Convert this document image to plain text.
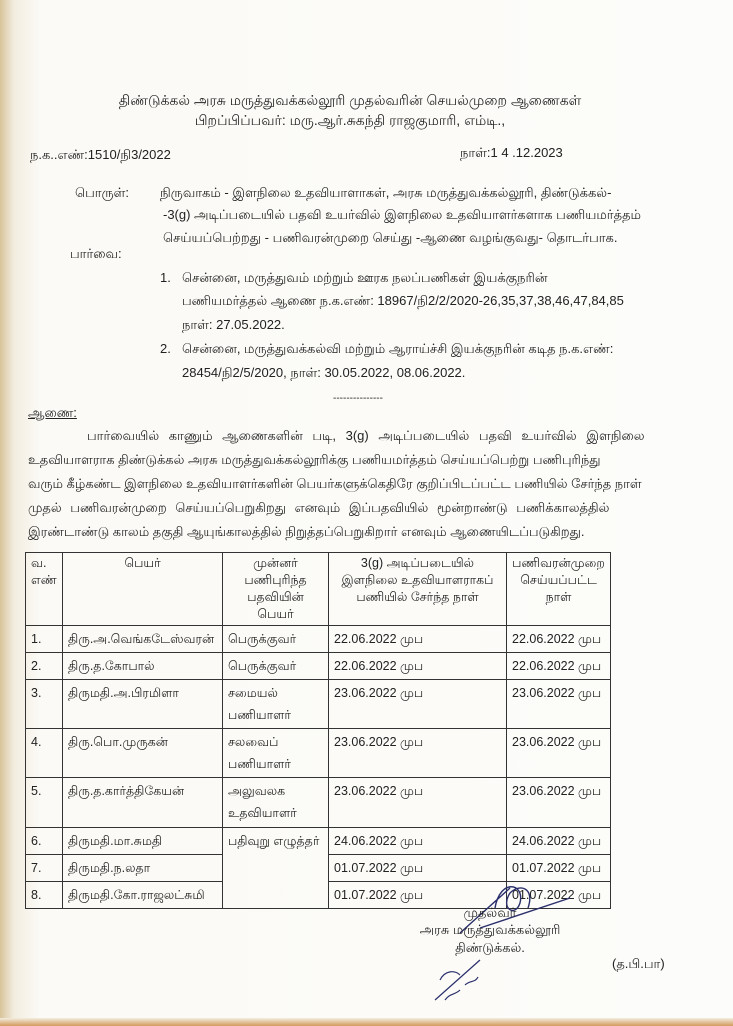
திண்டுக்கல் அரசு மருத்துவக்கல்லூரி முதல்வரின் செயல்முறை ஆணைகள்
பிறப்பிப்பவர்: மரு.ஆர்.சுகந்தி ராஜகுமாரி, எம்டி.,
ந.க..எண்:1510/நி3/2022	நாள்:1 4 .12.2023
பொருள்: நிருவாகம் - இளநிலை உதவியாளாகள், அரசு மருத்துவக்கல்லூரி, திண்டுக்கல்-
-3(g) அடிப்படையில் பதவி உயர்வில் இளநிலை உதவியாளர்களாக பணியமர்த்தம்
செய்யப்பெற்றது - பணிவரன்முறை செய்து -ஆணை வழங்குவது- தொடர்பாக.
பார்வை:
1. சென்னை, மருத்துவம் மற்றும் ஊரக நலப்பணிகள் இயக்குநரின்
பணியமர்த்தல் ஆணை ந.க.எண்: 18967/நி2/2/2020-26,35,37,38,46,47,84,85
நாள்: 27.05.2022.
2. சென்னை, மருத்துவக்கல்வி மற்றும் ஆராய்ச்சி இயக்குநரின் கடித ந.க.எண்:
28454/நி2/5/2020, நாள்: 30.05.2022, 08.06.2022.
---------------
ஆணை:
பார்வையில் காணும் ஆணைகளின் படி, 3(g) அடிப்படையில் பதவி உயர்வில் இளநிலை
உதவியாளராக திண்டுக்கல் அரசு மருத்துவக்கல்லூரிக்கு பணியமர்த்தம் செய்யப்பெற்று பணிபுரிந்து
வரும் கீழ்கண்ட இளநிலை உதவியாளர்களின் பெயர்களுக்கெதிரே குறிப்பிடப்பட்ட பணியில் சேர்ந்த நாள்
முதல் பணிவரன்முறை செய்யப்பெறுகிறது எனவும் இப்பதவியில் மூன்றாண்டு பணிக்காலத்தில்
இரண்டாண்டு காலம் தகுதி ஆயுங்காலத்தில் நிறுத்தப்பெறுகிறார் எனவும் ஆணையிடப்படுகிறது.
வ. எண்	பெயர்	முன்னர் பணிபுரிந்த பதவியின் பெயர்	3(g) அடிப்படையில் இளநிலை உதவியாளராகப் பணியில் சேர்ந்த நாள்	பணிவரன்முறை செய்யப்பட்ட நாள்
1.	திரு.அ.வெங்கடேஸ்வரன்	பெருக்குவர்	22.06.2022 முப	22.06.2022 முப
2.	திரு.த.கோபால்	பெருக்குவர்	22.06.2022 முப	22.06.2022 முப
3.	திருமதி.அ.பிரமிளா	சமையல் பணியாளர்	23.06.2022 முப	23.06.2022 முப
4.	திரு.பொ.முருகன்	சலவைப் பணியாளர்	23.06.2022 முப	23.06.2022 முப
5.	திரு.த.கார்த்திகேயன்	அலுவலக உதவியாளர்	23.06.2022 முப	23.06.2022 முப
6.	திருமதி.மா.சுமதி	பதிவுறு எழுத்தர்	24.06.2022 முப	24.06.2022 முப
7.	திருமதி.ந.லதா		01.07.2022 முப	01.07.2022 முப
8.	திருமதி.கோ.ராஜலட்சுமி		01.07.2022 முப	01.07.2022 முப
முதல்வர்
அரசு மருத்துவக்கல்லூரி
திண்டுக்கல்.
(த.பி.பா)
